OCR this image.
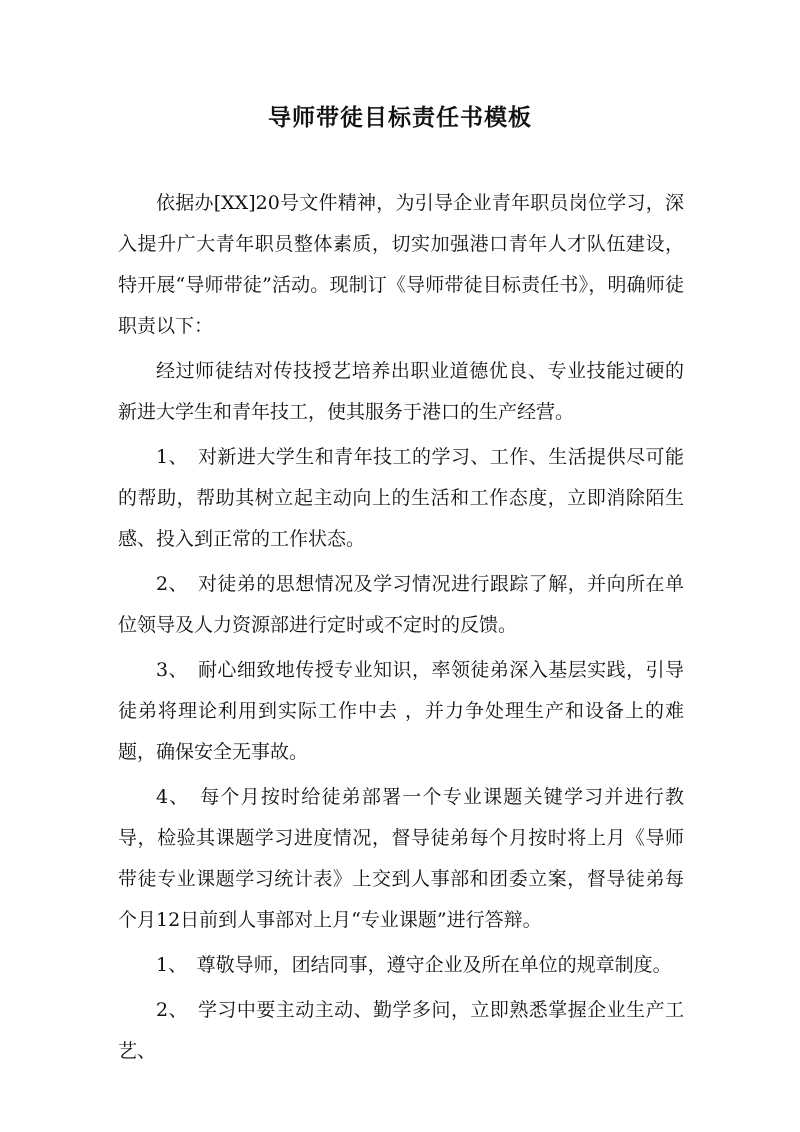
导师带徒目标责任书模板

依据办[XX]20号文件精神，为引导企业青年职员岗位学习，深入提升广大青年职员整体素质，切实加强港口青年人才队伍建设，特开展“导师带徒”活动。现制订《导师带徒目标责任书》，明确师徒职责以下：

经过师徒结对传技授艺培养出职业道德优良、专业技能过硬的新进大学生和青年技工，使其服务于港口的生产经营。

1、　对新进大学生和青年技工的学习、工作、生活提供尽可能的帮助，帮助其树立起主动向上的生活和工作态度，立即消除陌生感、投入到正常的工作状态。

2、　对徒弟的思想情况及学习情况进行跟踪了解，并向所在单位领导及人力资源部进行定时或不定时的反馈。

3、　耐心细致地传授专业知识，率领徒弟深入基层实践，引导徒弟将理论利用到实际工作中去 ，并力争处理生产和设备上的难题，确保安全无事故。

4、　每个月按时给徒弟部署一个专业课题关键学习并进行教导，检验其课题学习进度情况，督导徒弟每个月按时将上月《导师带徒专业课题学习统计表》上交到人事部和团委立案，督导徒弟每个月12日前到人事部对上月“专业课题”进行答辩。

1、　尊敬导师，团结同事，遵守企业及所在单位的规章制度。

2、　学习中要主动主动、勤学多问，立即熟悉掌握企业生产工艺、
